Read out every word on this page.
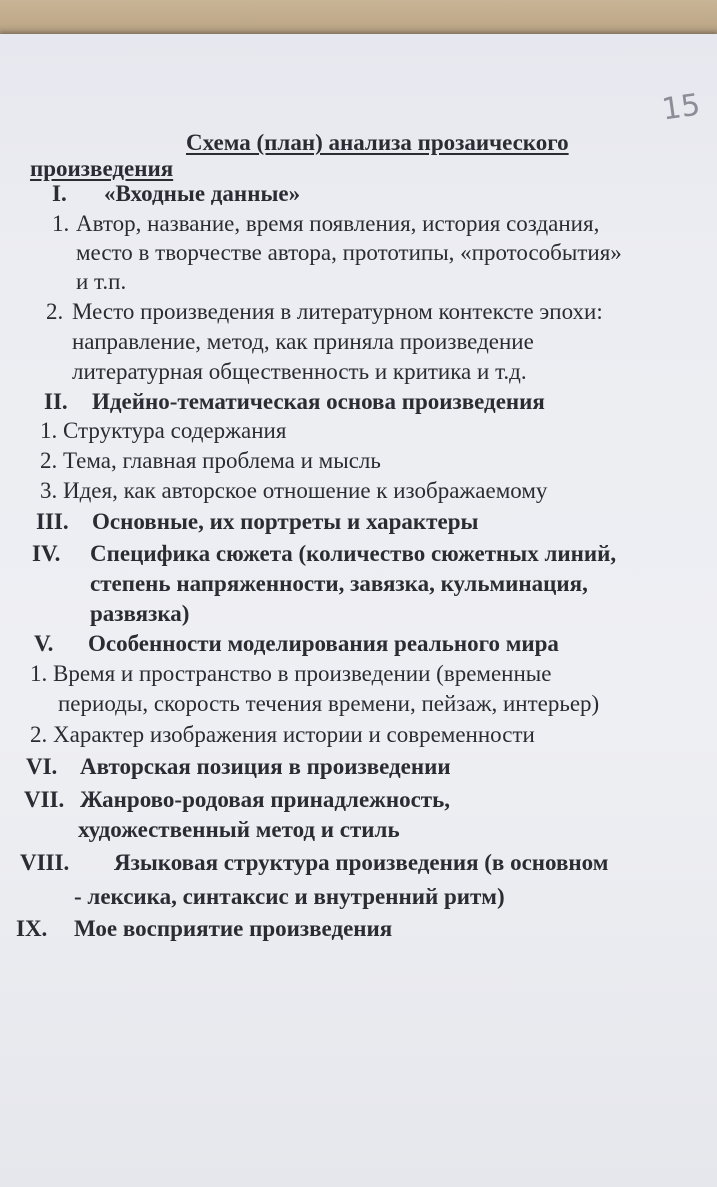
15
Схема (план) анализа прозаического
произведения
I. «Входные данные»
1. Автор, название, время появления, история создания,
место в творчестве автора, прототипы, «протособытия»
и т.п.
2. Место произведения в литературном контексте эпохи:
направление, метод, как приняла произведение
литературная общественность и критика и т.д.
II. Идейно-тематическая основа произведения
1. Структура содержания
2. Тема, главная проблема и мысль
3. Идея, как авторское отношение к изображаемому
III. Основные, их портреты и характеры
IV. Специфика сюжета (количество сюжетных линий,
степень напряженности, завязка, кульминация,
развязка)
V. Особенности моделирования реального мира
1. Время и пространство в произведении (временные
периоды, скорость течения времени, пейзаж, интерьер)
2. Характер изображения истории и современности
VI. Авторская позиция в произведении
VII. Жанрово-родовая принадлежность,
художественный метод и стиль
VIII. Языковая структура произведения (в основном
- лексика, синтаксис и внутренний ритм)
IX. Мое восприятие произведения
